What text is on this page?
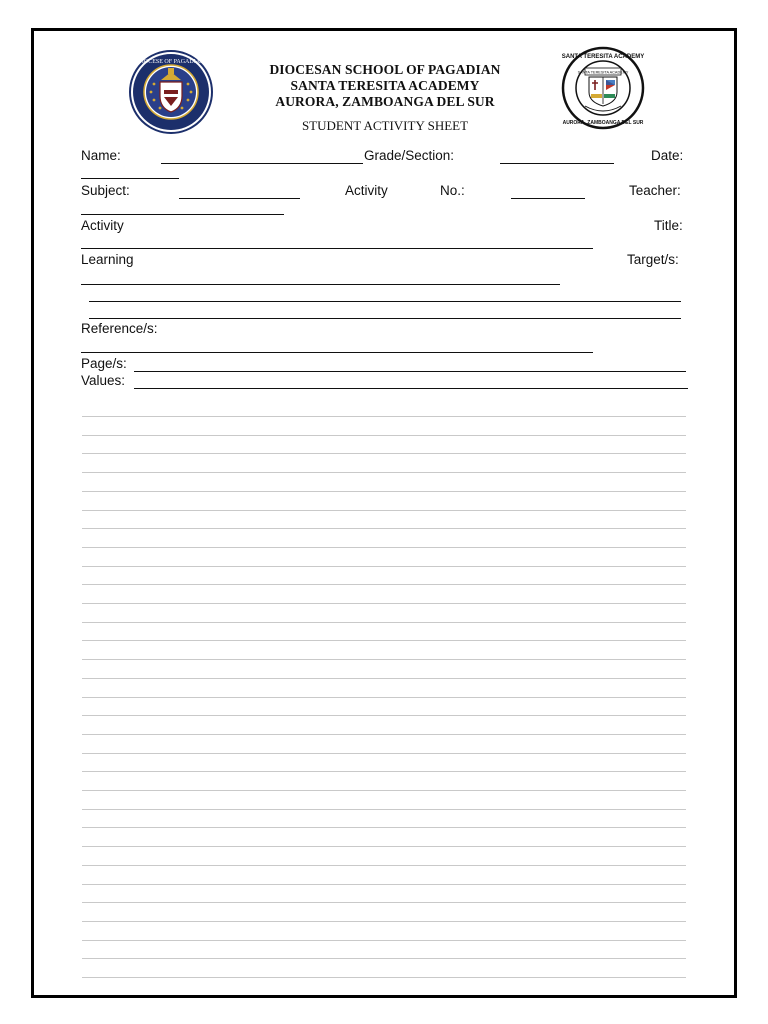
DIOCESE OF PAGADIAN
SANTA TERESITA ACADEMY
SANTA TERESITA ACADEMY
AURORA, ZAMBOANGA DEL SUR
DIOCESAN SCHOOL OF PAGADIAN
SANTA TERESITA ACADEMY
AURORA, ZAMBOANGA DEL SUR
STUDENT ACTIVITY SHEET
Name:	Grade/Section:	Date:
Subject:	Activity	No.:	Teacher:
Activity	Title:
Learning	Target/s:
Reference/s:
Page/s:
Values:
